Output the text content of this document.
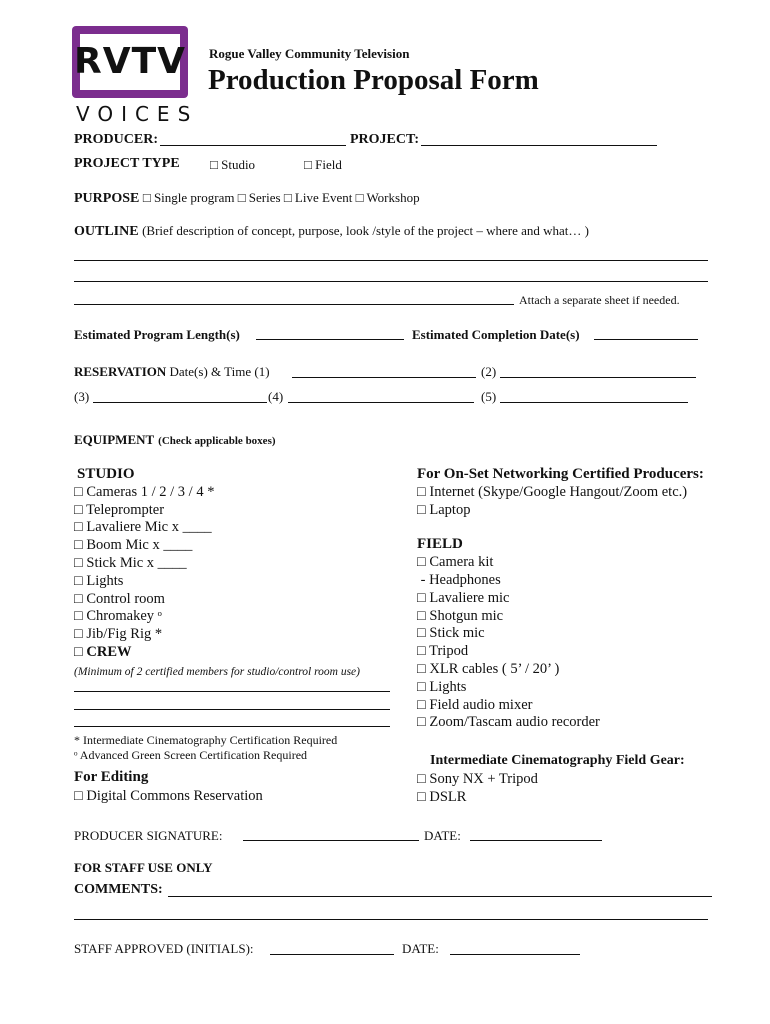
RVTV
VOICES
Rogue Valley Community Television
Production Proposal Form
PRODUCER:	PROJECT:
PROJECT TYPE □ Studio	□ Field
PURPOSE □ Single program □ Series □ Live Event □ Workshop
OUTLINE (Brief description of concept, purpose, look /style of the project – where and what… )
Attach a separate sheet if needed.
Estimated Program Length(s)	Estimated Completion Date(s)
RESERVATION Date(s) & Time (1)	(2)
(3)	(4)	(5)
EQUIPMENT (Check applicable boxes)
STUDIO
□ Cameras 1 / 2 / 3 / 4 *
□ Teleprompter
□ Lavaliere Mic x ____
□ Boom Mic x ____
□ Stick Mic x ____
□ Lights
□ Control room
□ Chromakey ᵒ
□ Jib/Fig Rig *
□ CREW
(Minimum of 2 certified members for studio/control room use)
* Intermediate Cinematography Certification Required
ᵒ Advanced Green Screen Certification Required
For Editing
□ Digital Commons Reservation
For On-Set Networking Certified Producers:
□ Internet (Skype/Google Hangout/Zoom etc.)
□ Laptop
FIELD
□ Camera kit
- Headphones
□ Lavaliere mic
□ Shotgun mic
□ Stick mic
□ Tripod
□ XLR cables ( 5’ / 20’ )
□ Lights
□ Field audio mixer
□ Zoom/Tascam audio recorder
Intermediate Cinematography Field Gear:
□ Sony NX + Tripod
□ DSLR
PRODUCER SIGNATURE:	DATE:
FOR STAFF USE ONLY
COMMENTS:
STAFF APPROVED (INITIALS):	DATE:
